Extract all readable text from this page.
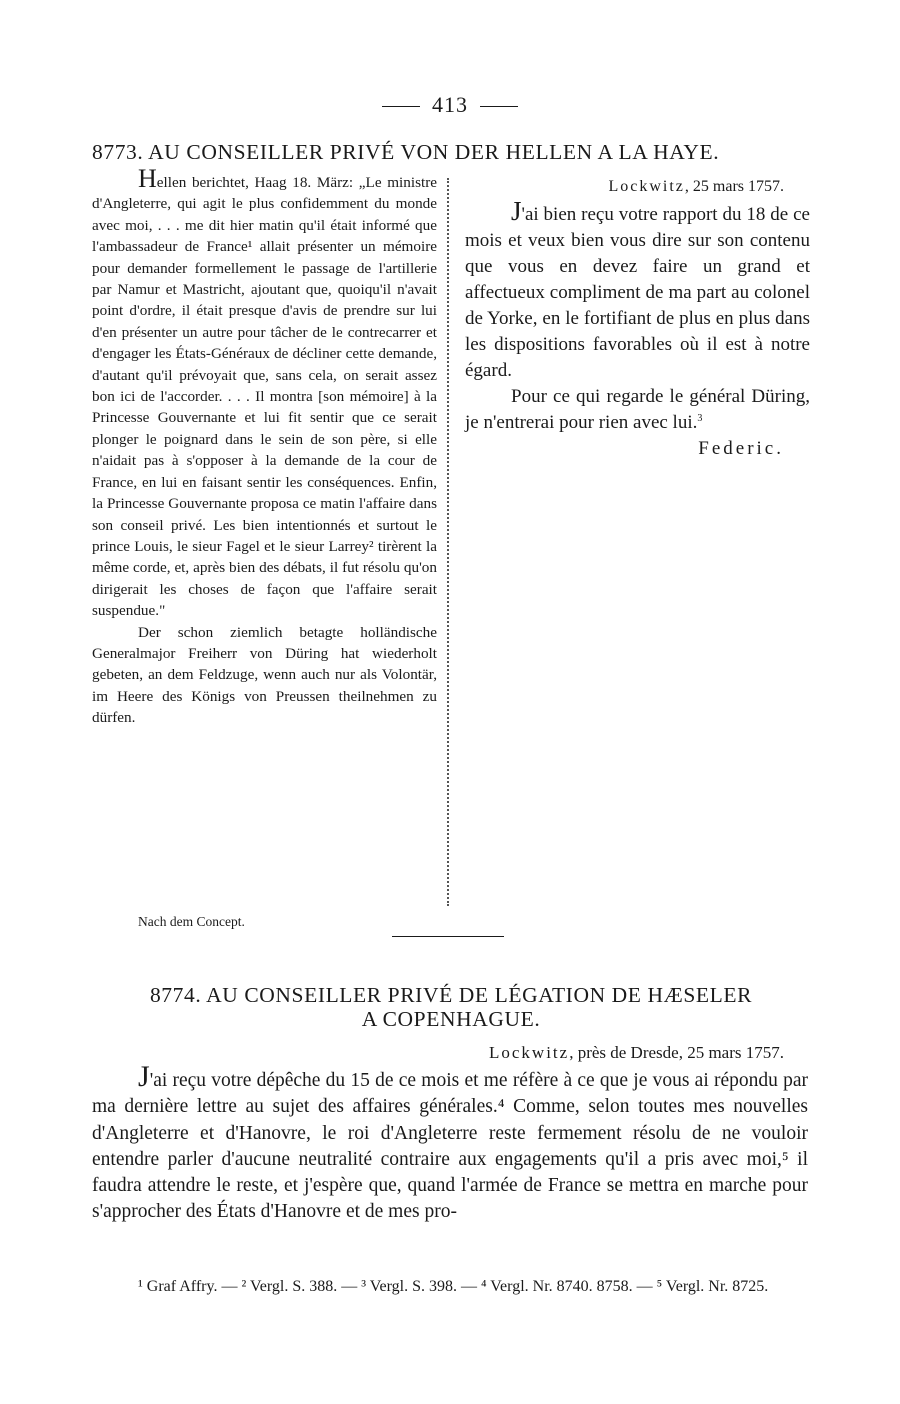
413
8773. AU CONSEILLER PRIVÉ VON DER HELLEN A LA HAYE.

Hellen berichtet, Haag 18. März: „Le ministre d'Angleterre, qui agit le plus confidemment du monde avec moi, . . . me dit hier matin qu'il était informé que l'ambassadeur de France¹ allait présenter un mémoire pour demander formellement le passage de l'artillerie par Namur et Mastricht, ajoutant que, quoiqu'il n'avait point d'ordre, il était presque d'avis de prendre sur lui d'en présenter un autre pour tâcher de le contrecarrer et d'engager les États-Généraux de décliner cette demande, d'autant qu'il prévoyait que, sans cela, on serait assez bon ici de l'accorder. . . . Il montra [son mémoire] à la Princesse Gouvernante et lui fit sentir que ce serait plonger le poignard dans le sein de son père, si elle n'aidait pas à s'opposer à la demande de la cour de France, en lui en faisant sentir les conséquences. Enfin, la Princesse Gouvernante proposa ce matin l'affaire dans son conseil privé. Les bien intentionnés et surtout le prince Louis, le sieur Fagel et le sieur Larrey² tirèrent la même corde, et, après bien des débats, il fut résolu qu'on dirigerait les choses de façon que l'affaire serait suspendue."

Der schon ziemlich betagte holländische Generalmajor Freiherr von Düring hat wiederholt gebeten, an dem Feldzuge, wenn auch nur als Volontär, im Heere des Königs von Preussen theilnehmen zu dürfen.

Lockwitz, 25 mars 1757.

J'ai bien reçu votre rapport du 18 de ce mois et veux bien vous dire sur son contenu que vous en devez faire un grand et affectueux compliment de ma part au colonel de Yorke, en le fortifiant de plus en plus dans les dispositions favorables où il est à notre égard.

Pour ce qui regarde le général Düring, je n'entrerai pour rien avec lui.$^3$

Federic.

Nach dem Concept.
8774. AU CONSEILLER PRIVÉ DE LÉGATION DE HÆSELER
A COPENHAGUE.
Lockwitz, près de Dresde, 25 mars 1757.

J'ai reçu votre dépêche du 15 de ce mois et me réfère à ce que je vous ai répondu par ma dernière lettre au sujet des affaires générales.⁴ Comme, selon toutes mes nouvelles d'Angleterre et d'Hanovre, le roi d'Angleterre reste fermement résolu de ne vouloir entendre parler d'aucune neutralité contraire aux engagements qu'il a pris avec moi,⁵ il faudra attendre le reste, et j'espère que, quand l'armée de France se mettra en marche pour s'approcher des États d'Hanovre et de mes pro-

¹ Graf Affry. — ² Vergl. S. 388. — ³ Vergl. S. 398. — ⁴ Vergl. Nr. 8740. 8758. — ⁵ Vergl. Nr. 8725.
